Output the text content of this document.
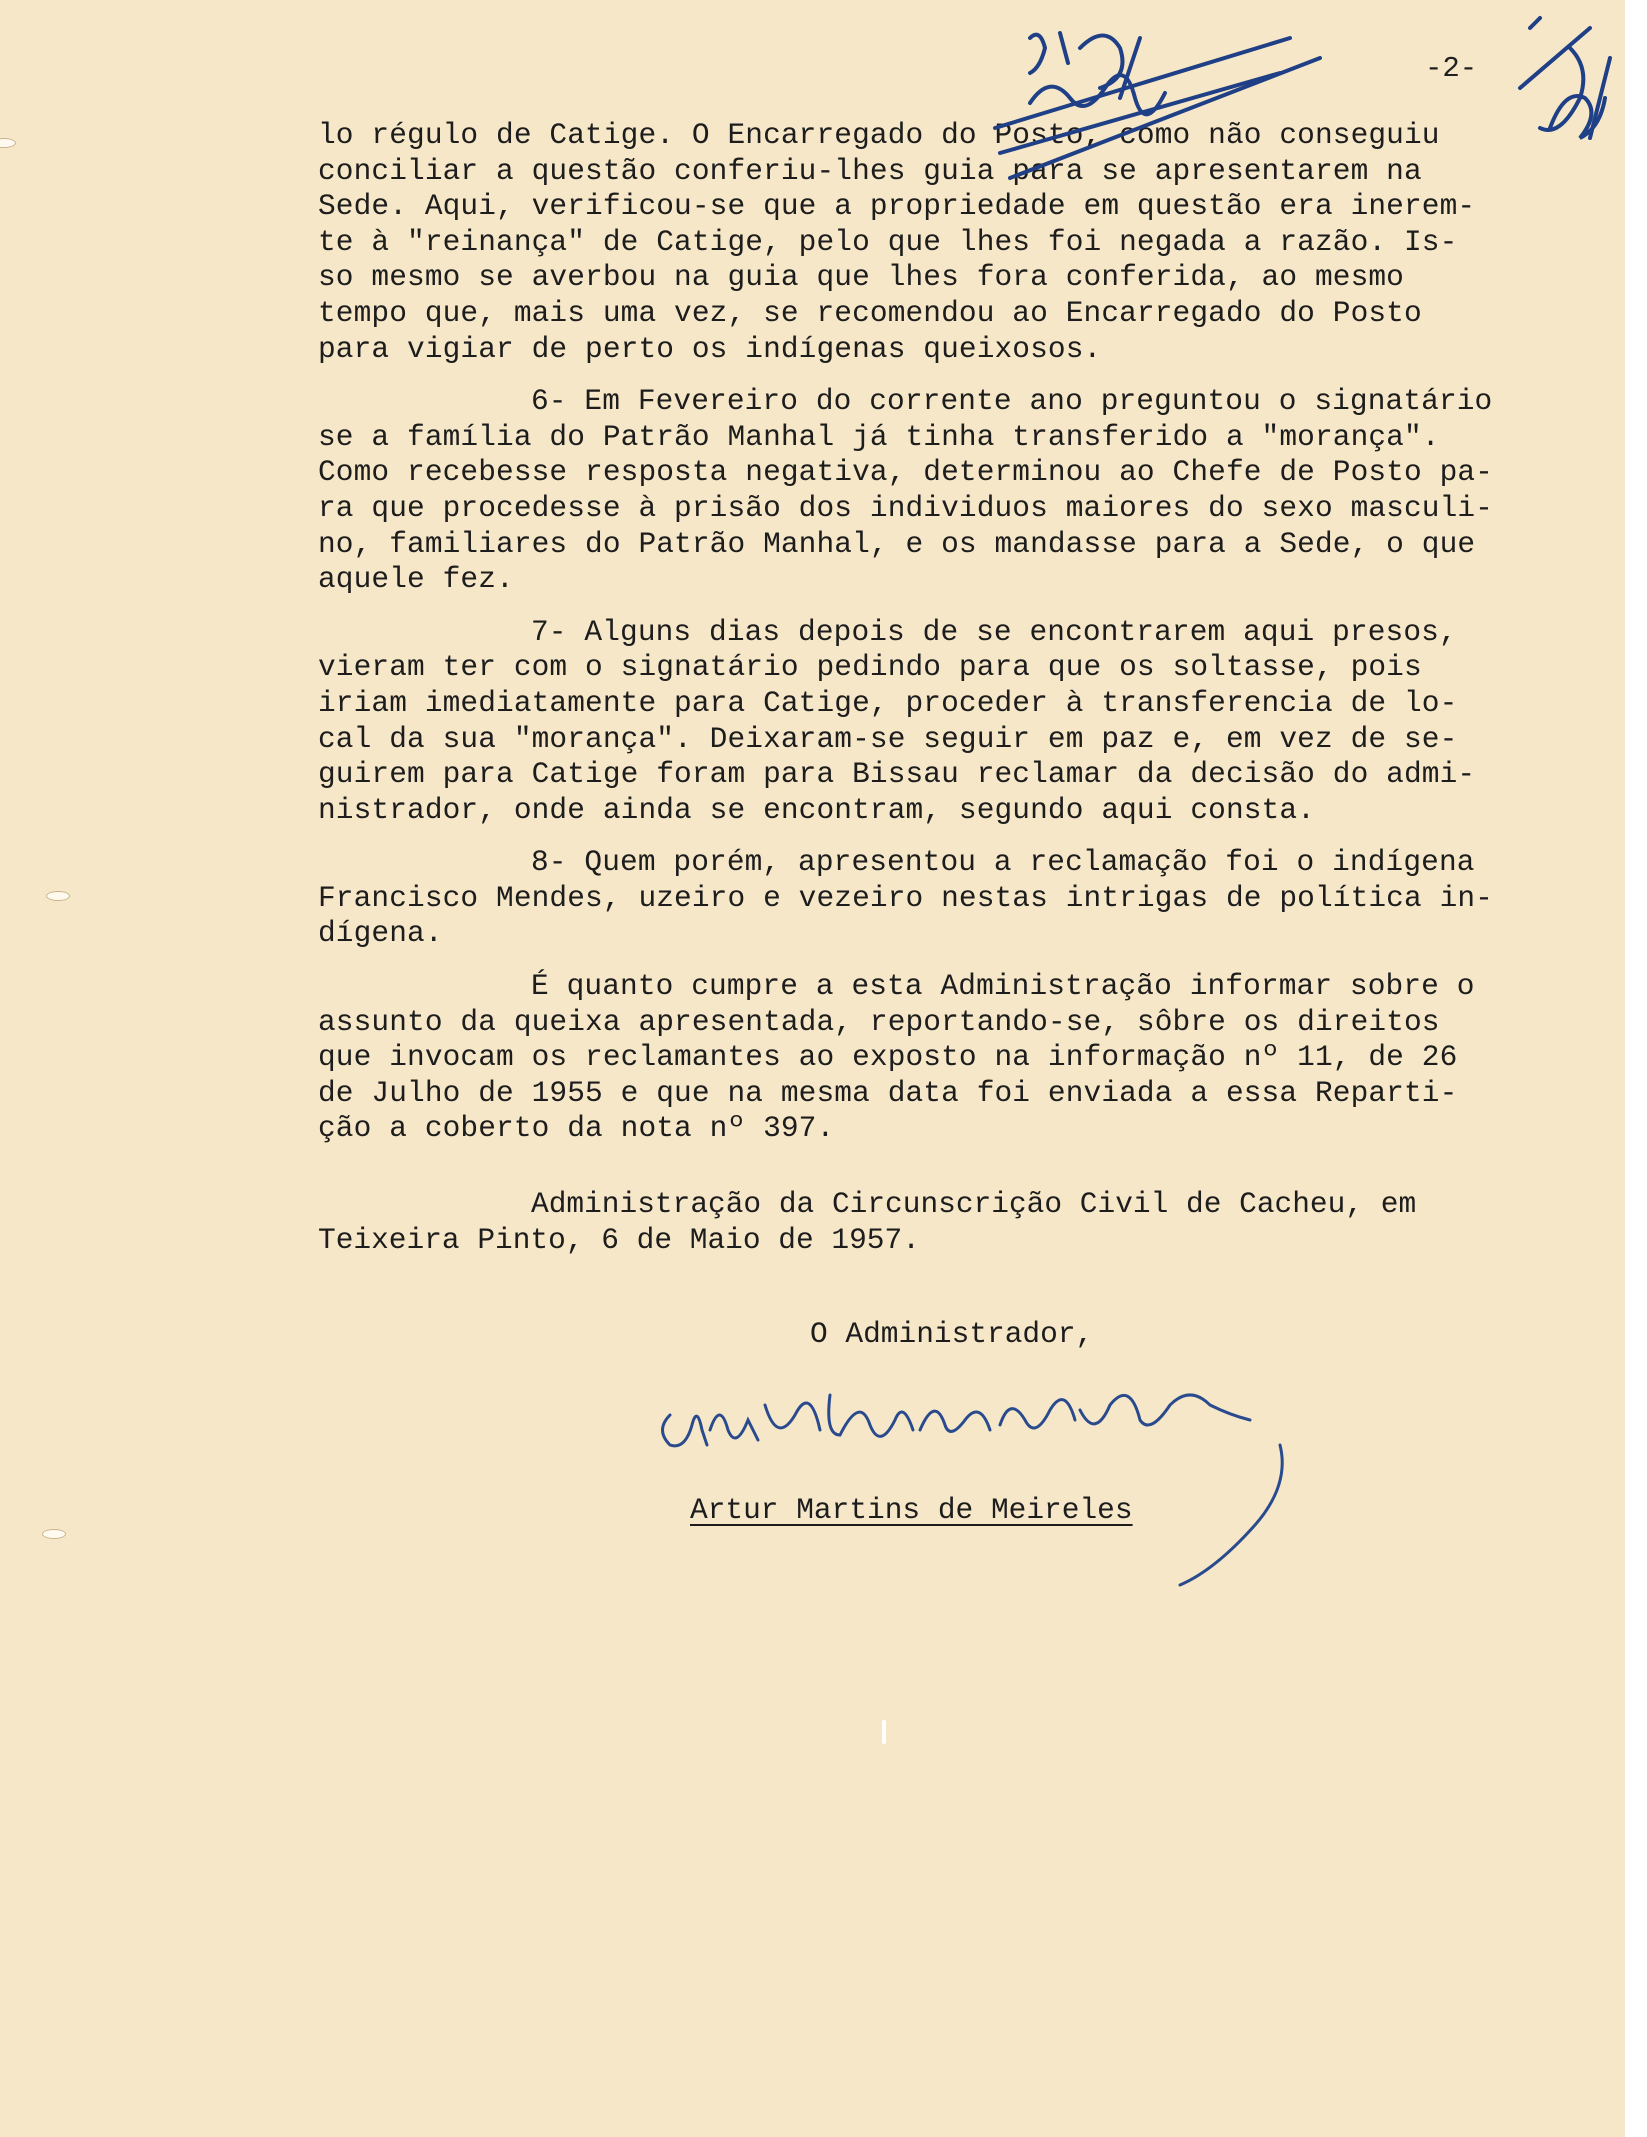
-2-
lo régulo de Catige. O Encarregado do Posto, como não conseguiu
conciliar a questão conferiu-lhes guia para se apresentarem na
Sede. Aqui, verificou-se que a propriedade em questão era inerem-
te à "reinança" de Catige, pelo que lhes foi negada a razão. Is-
so mesmo se averbou na guia que lhes fora conferida, ao mesmo
tempo que, mais uma vez, se recomendou ao Encarregado do Posto
para vigiar de perto os indígenas queixosos.
6- Em Fevereiro do corrente ano preguntou o signatário
se a família do Patrão Manhal já tinha transferido a "morança".
Como recebesse resposta negativa, determinou ao Chefe de Posto pa-
ra que procedesse à prisão dos individuos maiores do sexo masculi-
no, familiares do Patrão Manhal, e os mandasse para a Sede, o que
aquele fez.
7- Alguns dias depois de se encontrarem aqui presos,
vieram ter com o signatário pedindo para que os soltasse, pois
iriam imediatamente para Catige, proceder à transferencia de lo-
cal da sua "morança". Deixaram-se seguir em paz e, em vez de se-
guirem para Catige foram para Bissau reclamar da decisão do admi-
nistrador, onde ainda se encontram, segundo aqui consta.
8- Quem porém, apresentou a reclamação foi o indígena
Francisco Mendes, uzeiro e vezeiro nestas intrigas de política in-
dígena.
É quanto cumpre a esta Administração informar sobre o
assunto da queixa apresentada, reportando-se, sôbre os direitos
que invocam os reclamantes ao exposto na informação nº 11, de 26
de Julho de 1955 e que na mesma data foi enviada a essa Reparti-
ção a coberto da nota nº 397.
Administração da Circunscrição Civil de Cacheu, em
Teixeira Pinto, 6 de Maio de 1957.
O Administrador,
Artur Martins de Meireles
